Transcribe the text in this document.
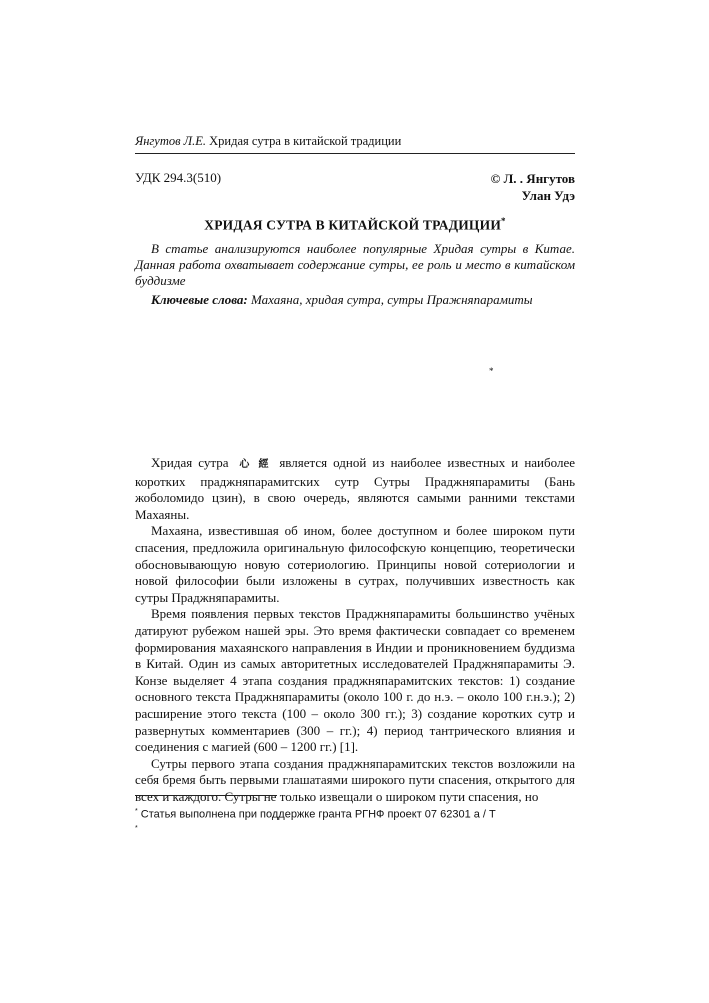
Янгутов Л.Е. Хридая сутра в китайской традиции
УДК 294.3(510)	© Л. . Янгутов
Улан Удэ
ХРИДАЯ СУТРА В КИТАЙСКОЙ ТРАДИЦИИ*

В статье анализируются наиболее популярные Хридая сутры в Китае. Данная работа охватывает содержание сутры, ее роль и место в китайском буддизме

Ключевые слова: Махаяна, хридая сутра, сутры Пражняпарамиты
*

Хридая сутра 心 經 является одной из наиболее известных и наиболее коротких праджняпарамитских сутр Сутры Праджняпарамиты (Бань жоболомидо цзин), в свою очередь, являются самыми ранними текстами Махаяны.

Махаяна, известившая об ином, более доступном и более широком пути спасения, предложила оригинальную философскую концепцию, теоретически обосновывающую новую сотериологию. Принципы новой сотериологии и новой философии были изложены в сутрах, получивших известность как сутры Праджняпарамиты.

Время появления первых текстов Праджняпарамиты большинство учёных датируют рубежом нашей эры. Это время фактически совпадает со временем формирования махаянского направления в Индии и проникновением буддизма в Китай. Один из самых авторитетных исследователей Праджняпарамиты Э. Конзе выделяет 4 этапа создания праджняпарамитских текстов: 1) создание основного текста Праджняпарамиты (около 100 г. до н.э. – около 100 г.н.э.); 2) расширение этого текста (100 – около 300 гг.); 3) создание коротких сутр и развернутых комментариев (300 – гг.); 4) период тантрического влияния и соединения с магией (600 – 1200 гг.) [1].

Сутры первого этапа создания праджняпарамитских текстов возложили на себя бремя быть первыми глашатаями широкого пути спасения, открытого для всех и каждого. Сутры не только извещали о широком пути спасения, но

* Статья выполнена при поддержке гранта РГНФ проект 07 62301 а / Т
*
